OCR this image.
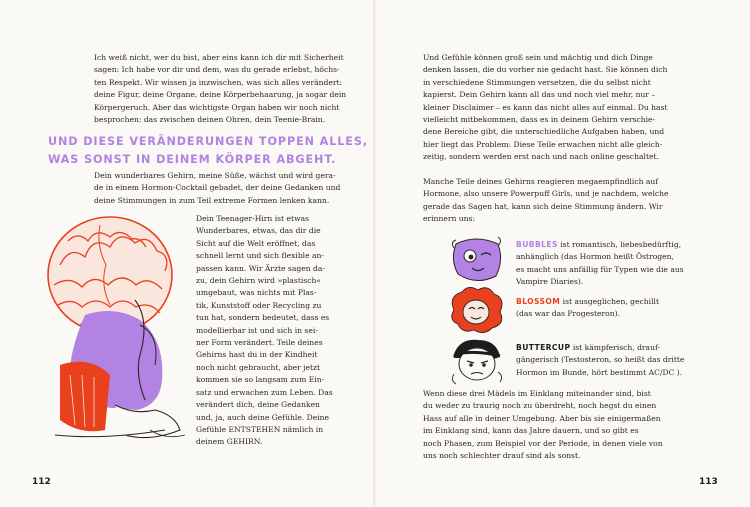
Ich weiß nicht, wer du bist, aber eins kann ich dir mit Sicherheit
sagen: Ich habe vor dir und dem, was du gerade erlebst, höchs-
ten Respekt. Wir wissen ja inzwischen, was sich alles verändert:
deine Figur, deine Organe, deine Körperbehaarung, ja sogar dein
Körpergeruch. Aber das wichtigste Organ haben wir noch nicht
besprochen: das zwischen deinen Ohren, dein Teenie-Brain.
UND DIESE VERÄNDERUNGEN TOPPEN ALLES,
WAS SONST IN DEINEM KÖRPER ABGEHT.
Dein wunderbares Gehirn, meine Süße, wächst und wird gera-
de in einem Hormon-Cocktail gebadet, der deine Gedanken und
deine Stimmungen in zum Teil extreme Formen lenken kann.
Dein Teenager-Hirn ist etwas
Wunderbares, etwas, das dir die
Sicht auf die Welt eröffnet, das
schnell lernt und sich flexible an-
passen kann. Wir Ärzte sagen da-
zu, dein Gehirn wird »plastisch«
umgebaut, was nichts mit Plas-
tik, Kunststoff oder Recycling zu
tun hat, sondern bedeutet, dass es
modellierbar ist und sich in sei-
ner Form verändert. Teile deines
Gehirns hast du in der Kindheit
noch nicht gebraucht, aber jetzt
kommen sie so langsam zum Ein-
satz und erwachen zum Leben. Das
verändert dich, deine Gedanken
und, ja, auch deine Gefühle. Deine
Gefühle ENTSTEHEN nämlich in
deinem GEHIRN.
112
Und Gefühle können groß sein und mächtig und dich Dinge
denken lassen, die du vorher nie gedacht hast. Sie können dich
in verschiedene Stimmungen versetzen, die du selbst nicht
kapierst. Dein Gehirn kann all das und noch viel mehr, nur –
kleiner Disclaimer – es kann das nicht alles auf einmal. Du hast
vielleicht mitbekommen, dass es in deinem Gehirn verschie-
dene Bereiche gibt, die unterschiedliche Aufgaben haben, und
hier liegt das Problem: Diese Teile erwachen nicht alle gleich-
zeitig, sondern werden erst nach und nach online geschaltet.
Manche Teile deines Gehirns reagieren megaempfindlich auf
Hormone, also unsere Powerpuff Girls, und je nachdem, welche
gerade das Sagen hat, kann sich deine Stimmung ändern. Wir
erinnern uns:
BUBBLES ist romantisch, liebesbedürftig,
anhänglich (das Hormon heißt Östrogen,
es macht uns anfällig für Typen wie die aus
Vampire Diaries).
BLOSSOM ist ausgeglichen, gechillt
(das war das Progesteron).
BUTTERCUP ist kämpferisch, drauf-
gängerisch (Testosteron, so heißt das dritte
Hormon im Bunde, hört bestimmt AC/DC ).
Wenn diese drei Mädels im Einklang miteinander sind, bist
du weder zu traurig noch zu überdreht, noch hegst du einen
Hass auf alle in deiner Umgebung. Aber bis sie einigermaßen
im Einklang sind, kann das Jahre dauern, und so gibt es
noch Phasen, zum Beispiel vor der Periode, in denen viele von
uns noch schlechter drauf sind als sonst.
113
